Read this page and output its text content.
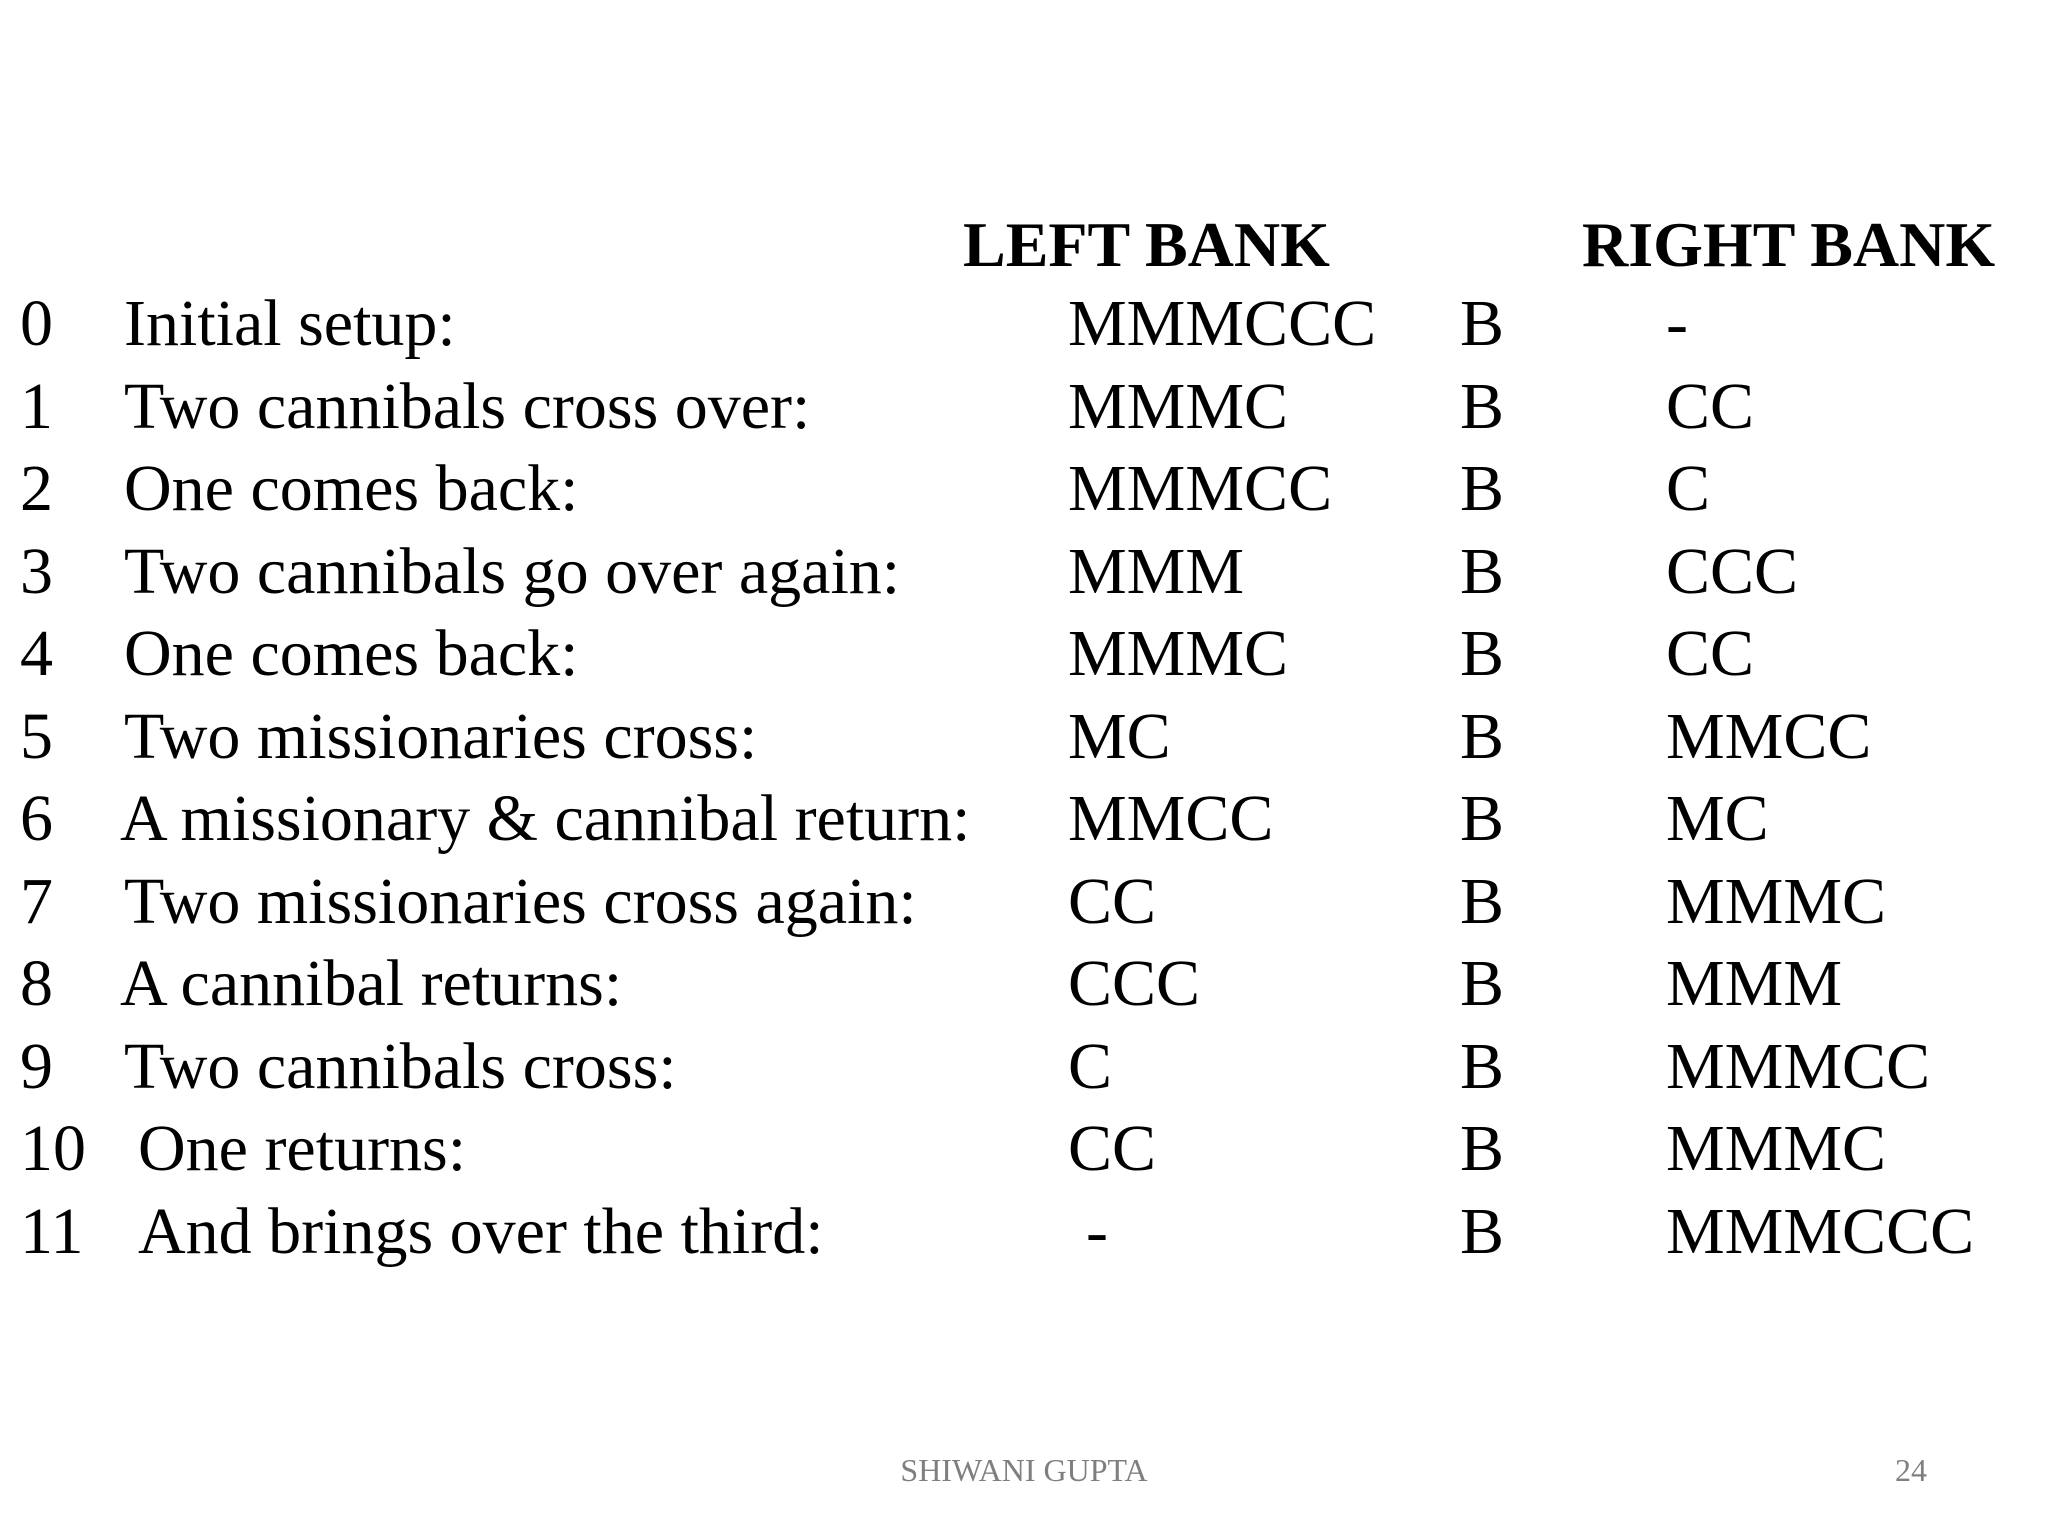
LEFT BANK	RIGHT BANK
0 Initial setup:	MMMCCC B -
1 Two cannibals cross over:	MMMC	B CC
2 One comes back:	MMMCC B C
3 Two cannibals go over again:	MMM	B CCC
4 One comes back:	MMMC	B CC
5 Two missionaries cross:	MC	B MMCC
6 A missionary & cannibal return: MMCC	B MC
7 Two missionaries cross again: CC	B MMMC
8 A cannibal returns:	CCC	B MMM
9 Two cannibals cross:	C	B MMMCC
10 One returns:	CC	B MMMC
11 And brings over the third:	-	B MMMCCC
SHIWANI GUPTA	24
